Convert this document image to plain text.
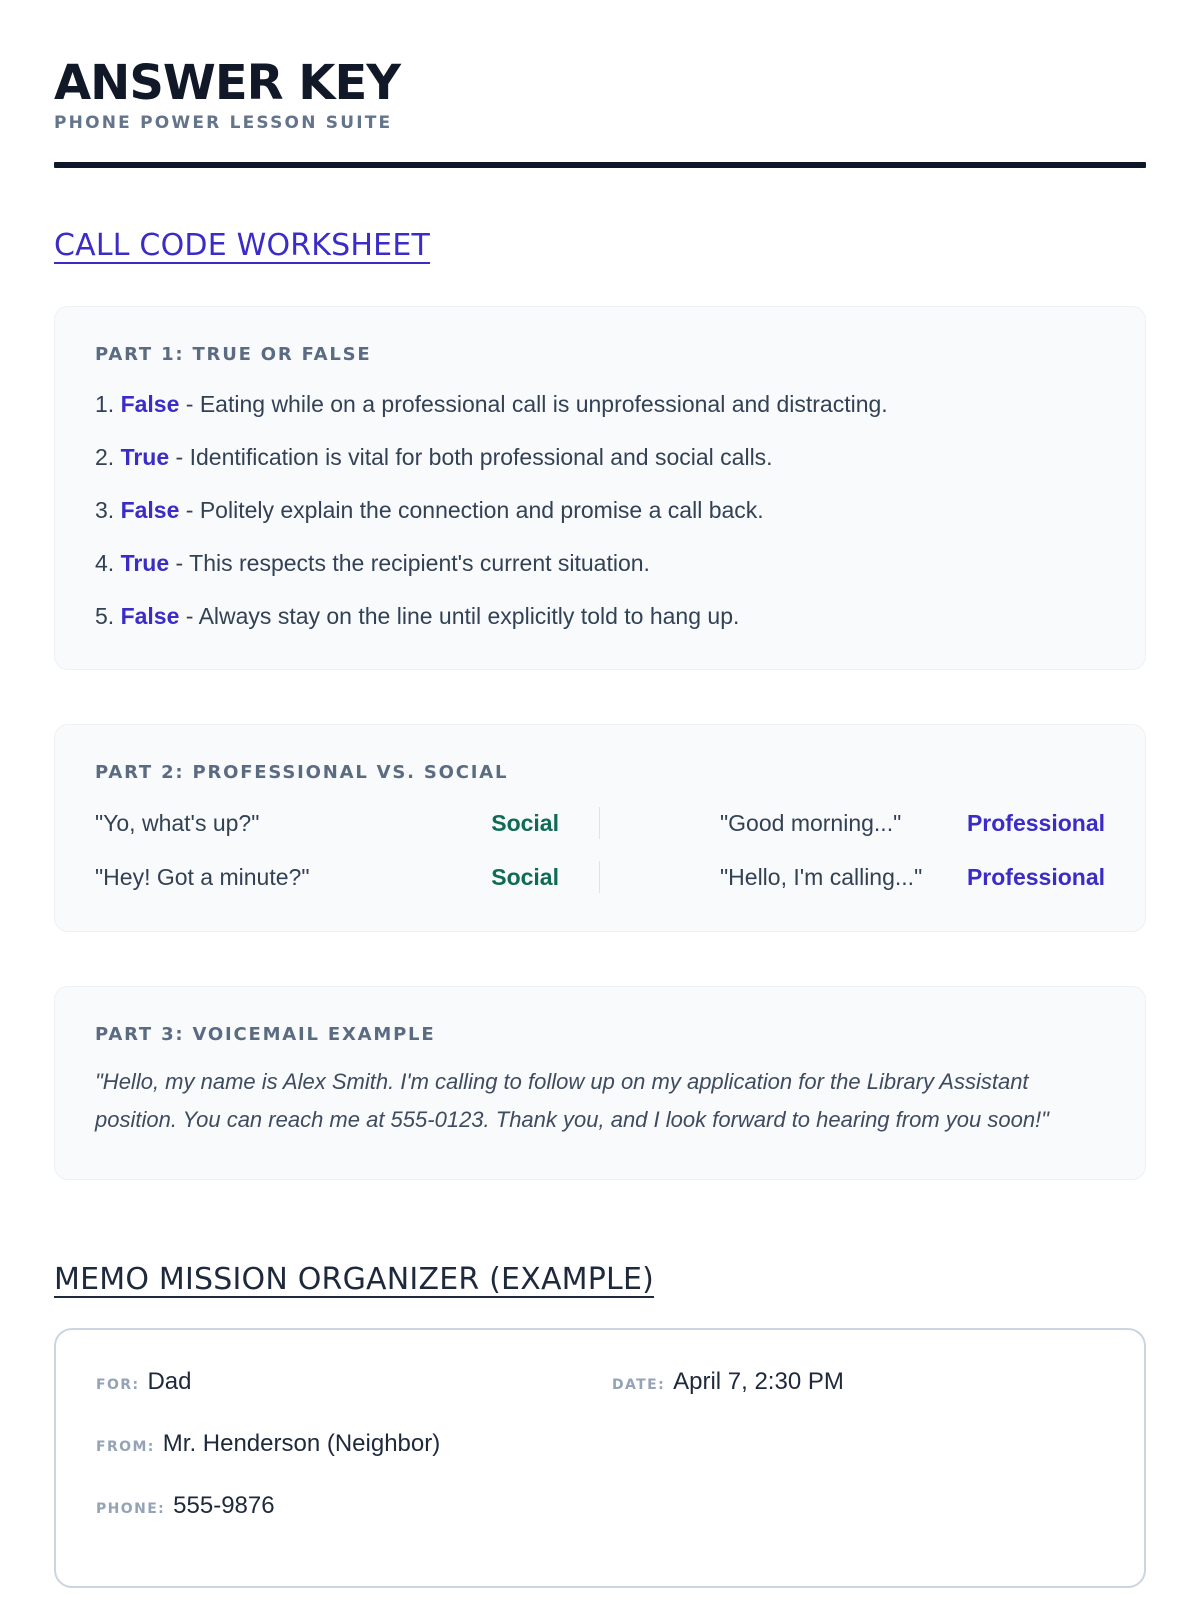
ANSWER KEY
PHONE POWER LESSON SUITE
CALL CODE WORKSHEET
PART 1: TRUE OR FALSE
1. False - Eating while on a professional call is unprofessional and distracting.
2. True - Identification is vital for both professional and social calls.
3. False - Politely explain the connection and promise a call back.
4. True - This respects the recipient's current situation.
5. False - Always stay on the line until explicitly told to hang up.
PART 2: PROFESSIONAL VS. SOCIAL
"Yo, what's up?"	Social	"Good morning..."	Professional
"Hey! Got a minute?"	Social	"Hello, I'm calling..." Professional
PART 3: VOICEMAIL EXAMPLE
"Hello, my name is Alex Smith. I'm calling to follow up on my application for the Library Assistant position. You can reach me at 555-0123. Thank you, and I look forward to hearing from you soon!"
MEMO MISSION ORGANIZER (EXAMPLE)
FOR: Dad	DATE: April 7, 2:30 PM
FROM: Mr. Henderson (Neighbor)
PHONE: 555-9876
